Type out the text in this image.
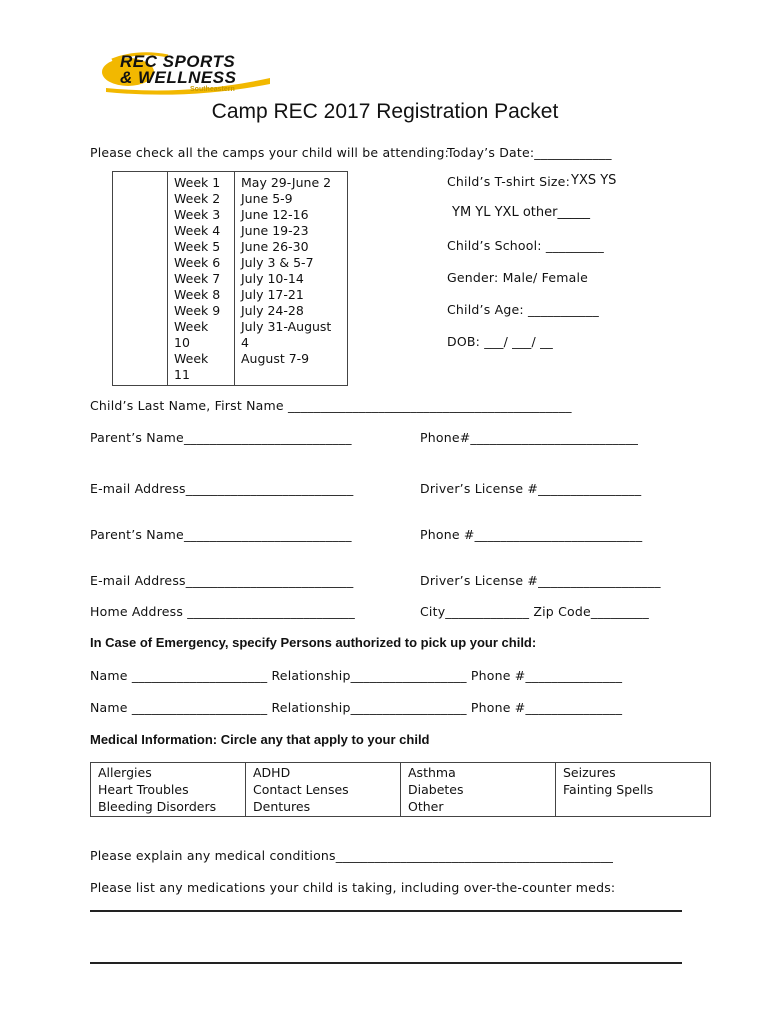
REC SPORTS
& WELLNESS
Southeastern
Camp REC 2017 Registration Packet
Please check all the camps your child will be attending:
Today’s Date:____________
	Week 1	May 29-June 2
	Week 2	June 5-9
	Week 3	June 12-16
	Week 4	June 19-23
	Week 5	June 26-30
	Week 6	July 3 & 5-7
	Week 7	July 10-14
	Week 8	July 17-21
	Week 9	July 24-28
	Week 10	July 31-August 4
	Week 11	August 7-9
Child’s T-shirt Size: YXS YS
YM YL YXL other_____
Child’s School: _________
Gender: Male/ Female
Child’s Age: ___________
DOB: ___/ ___/ __
Child’s Last Name, First Name ____________________________________________
Parent’s Name__________________________	Phone#__________________________
E-mail Address__________________________	Driver’s License #________________
Parent’s Name__________________________	Phone #__________________________
E-mail Address__________________________	Driver’s License #___________________
Home Address __________________________	City_____________ Zip Code_________
In Case of Emergency, specify Persons authorized to pick up your child:
Name _____________________ Relationship__________________ Phone #_______________
Name _____________________ Relationship__________________ Phone #_______________
Medical Information: Circle any that apply to your child
Allergies	ADHD	Asthma	Seizures
Heart Troubles	Contact Lenses	Diabetes	Fainting Spells
Bleeding Disorders	Dentures	Other	
Please explain any medical conditions___________________________________________
Please list any medications your child is taking, including over-the-counter meds:
